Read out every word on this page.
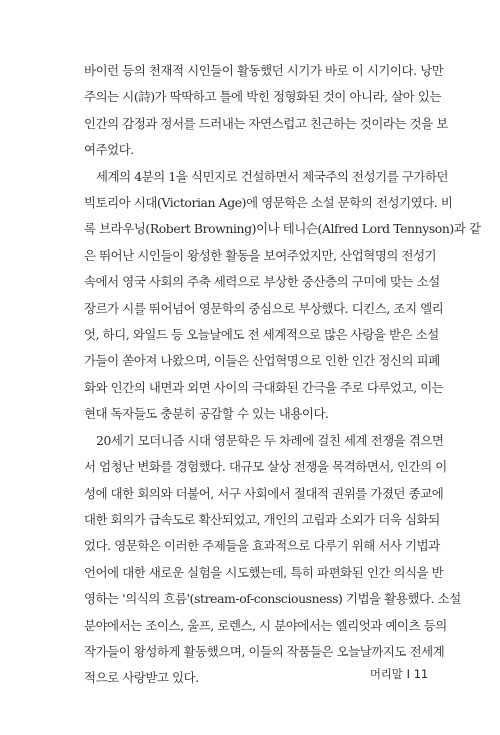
바이런 등의 천재적 시인들이 활동했던 시기가 바로 이 시기이다. 낭만
주의는 시(詩)가 딱딱하고 틀에 박힌 정형화된 것이 아니라, 살아 있는
인간의 감정과 정서를 드러내는 자연스럽고 친근하는 것이라는 것을 보
여주었다.

세계의 4분의 1을 식민지로 건설하면서 제국주의 전성기를 구가하던
빅토리아 시대(Victorian Age)에 영문학은 소설 문학의 전성기였다. 비
록 브라우닝(Robert Browning)이나 테니슨(Alfred Lord Tennyson)과 같
은 뛰어난 시인들이 왕성한 활동을 보여주었지만, 산업혁명의 전성기
속에서 영국 사회의 주축 세력으로 부상한 중산층의 구미에 맞는 소설
장르가 시를 뛰어넘어 영문학의 중심으로 부상했다. 디킨스, 조지 엘리
엇, 하디, 와일드 등 오늘날에도 전 세계적으로 많은 사랑을 받은 소설
가들이 쏟아져 나왔으며, 이들은 산업혁명으로 인한 인간 정신의 피폐
화와 인간의 내면과 외면 사이의 극대화된 간극을 주로 다루었고, 이는
현대 독자들도 충분히 공감할 수 있는 내용이다.

20세기 모더니즘 시대 영문학은 두 차례에 걸친 세계 전쟁을 겪으면
서 엄청난 변화를 경험했다. 대규모 살상 전쟁을 목격하면서, 인간의 이
성에 대한 회의와 더불어, 서구 사회에서 절대적 권위를 가졌던 종교에
대한 회의가 급속도로 확산되었고, 개인의 고립과 소외가 더욱 심화되
었다. 영문학은 이러한 주제들을 효과적으로 다루기 위해 서사 기법과
언어에 대한 새로운 실험을 시도했는데, 특히 파편화된 인간 의식을 반
영하는 '의식의 흐름'(stream-of-consciousness) 기법을 활용했다. 소설
분야에서는 조이스, 울프, 로렌스, 시 분야에서는 엘리엇과 예이츠 등의
작가들이 왕성하게 활동했으며, 이들의 작품들은 오늘날까지도 전세계
적으로 사랑받고 있다.	머리말 I 11
